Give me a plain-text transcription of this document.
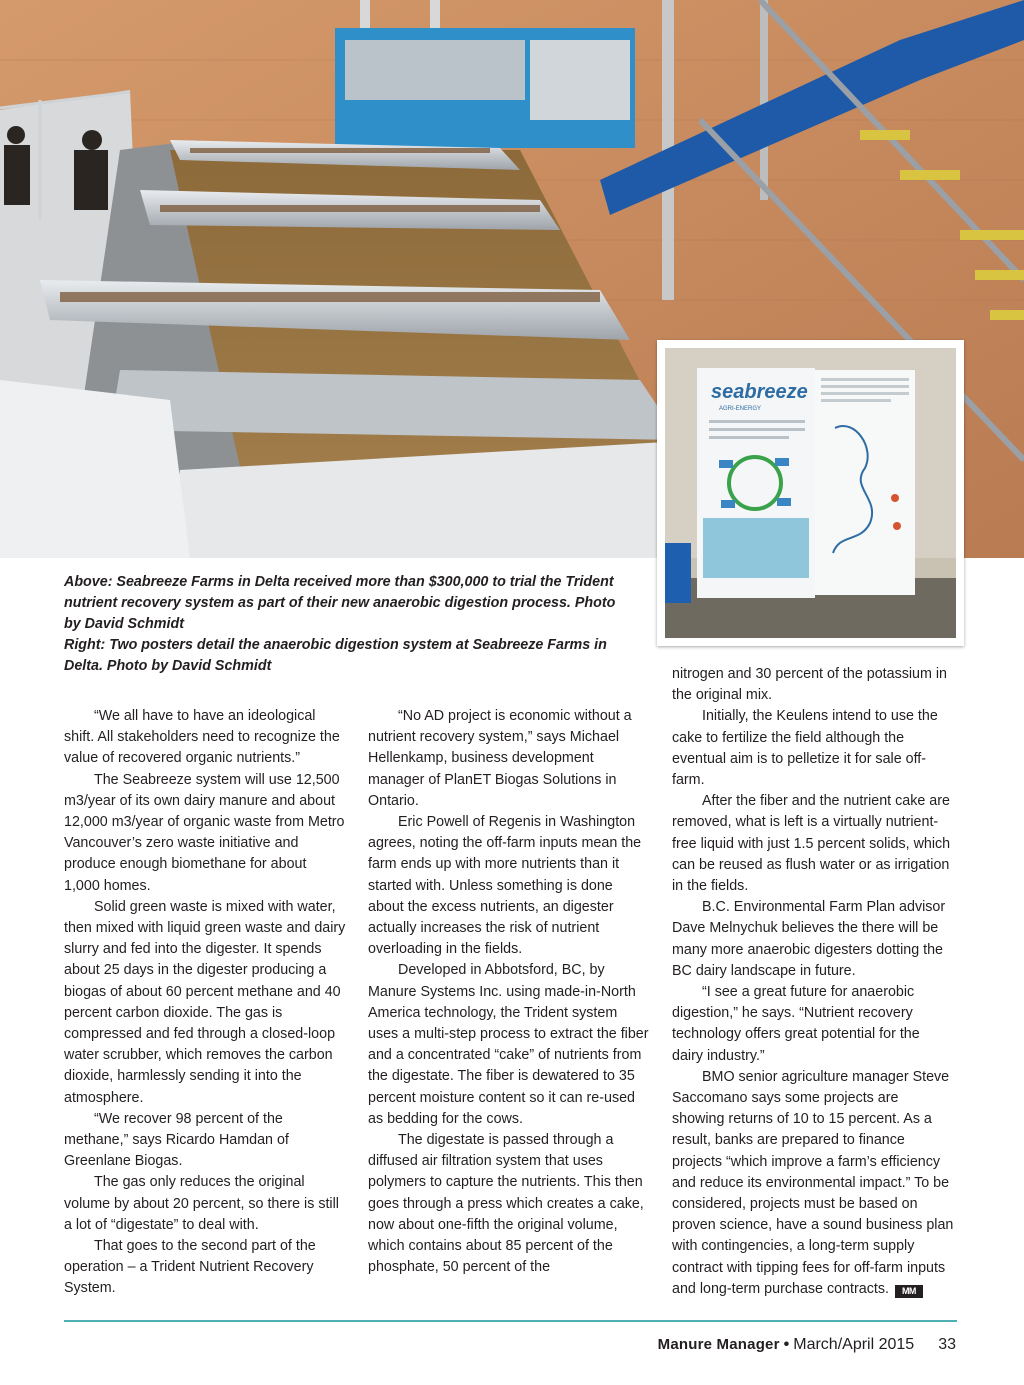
seabreeze
AGRI-ENERGY

Above: Seabreeze Farms in Delta received more than $300,000 to trial the Trident nutrient recovery system as part of their new anaerobic digestion process. Photo by David Schmidt

Right: Two posters detail the anaerobic digestion system at Seabreeze Farms in Delta. Photo by David Schmidt

“We all have to have an ideological shift. All stakeholders need to recognize the value of recovered organic nutrients.”

The Seabreeze system will use 12,500 m3/year of its own dairy manure and about 12,000 m3/year of organic waste from Metro Vancouver’s zero waste initiative and produce enough biomethane for about 1,000 homes.

Solid green waste is mixed with water, then mixed with liquid green waste and dairy slurry and fed into the digester. It spends about 25 days in the digester producing a biogas of about 60 percent methane and 40 percent carbon dioxide. The gas is compressed and fed through a closed-loop water scrubber, which removes the carbon dioxide, harmlessly sending it into the atmosphere.

“We recover 98 percent of the methane,” says Ricardo Hamdan of Greenlane Biogas.

The gas only reduces the original volume by about 20 percent, so there is still a lot of “digestate” to deal with.

That goes to the second part of the operation – a Trident Nutrient Recovery System.

“No AD project is economic without a nutrient recovery system,” says Michael Hellenkamp, business development manager of PlanET Biogas Solutions in Ontario.

Eric Powell of Regenis in Washington agrees, noting the off-farm inputs mean the farm ends up with more nutrients than it started with. Unless something is done about the excess nutrients, an digester actually increases the risk of nutrient overloading in the fields.

Developed in Abbotsford, BC, by Manure Systems Inc. using made-in-North America technology, the Trident system uses a multi-step process to extract the fiber and a concentrated “cake” of nutrients from the digestate. The fiber is dewatered to 35 percent moisture content so it can re-used as bedding for the cows.

The digestate is passed through a diffused air filtration system that uses polymers to capture the nutrients. This then goes through a press which creates a cake, now about one-fifth the original volume, which contains about 85 percent of the phosphate, 50 percent of the

nitrogen and 30 percent of the potassium in the original mix.

Initially, the Keulens intend to use the cake to fertilize the field although the eventual aim is to pelletize it for sale off-farm.

After the fiber and the nutrient cake are removed, what is left is a virtually nutrient-free liquid with just 1.5 percent solids, which can be reused as flush water or as irrigation in the fields.

B.C. Environmental Farm Plan advisor Dave Melnychuk believes the there will be many more anaerobic digesters dotting the BC dairy landscape in future.

“I see a great future for anaerobic digestion,” he says. “Nutrient recovery technology offers great potential for the dairy industry.”

BMO senior agriculture manager Steve Saccomano says some projects are showing returns of 10 to 15 percent. As a result, banks are prepared to finance projects “which improve a farm’s efficiency and reduce its environmental impact.” To be considered, projects must be based on proven science, have a sound business plan with contingencies, a long-term supply contract with tipping fees for off-farm inputs and long-term purchase contracts. MM

Manure Manager • March/April 2015 33
